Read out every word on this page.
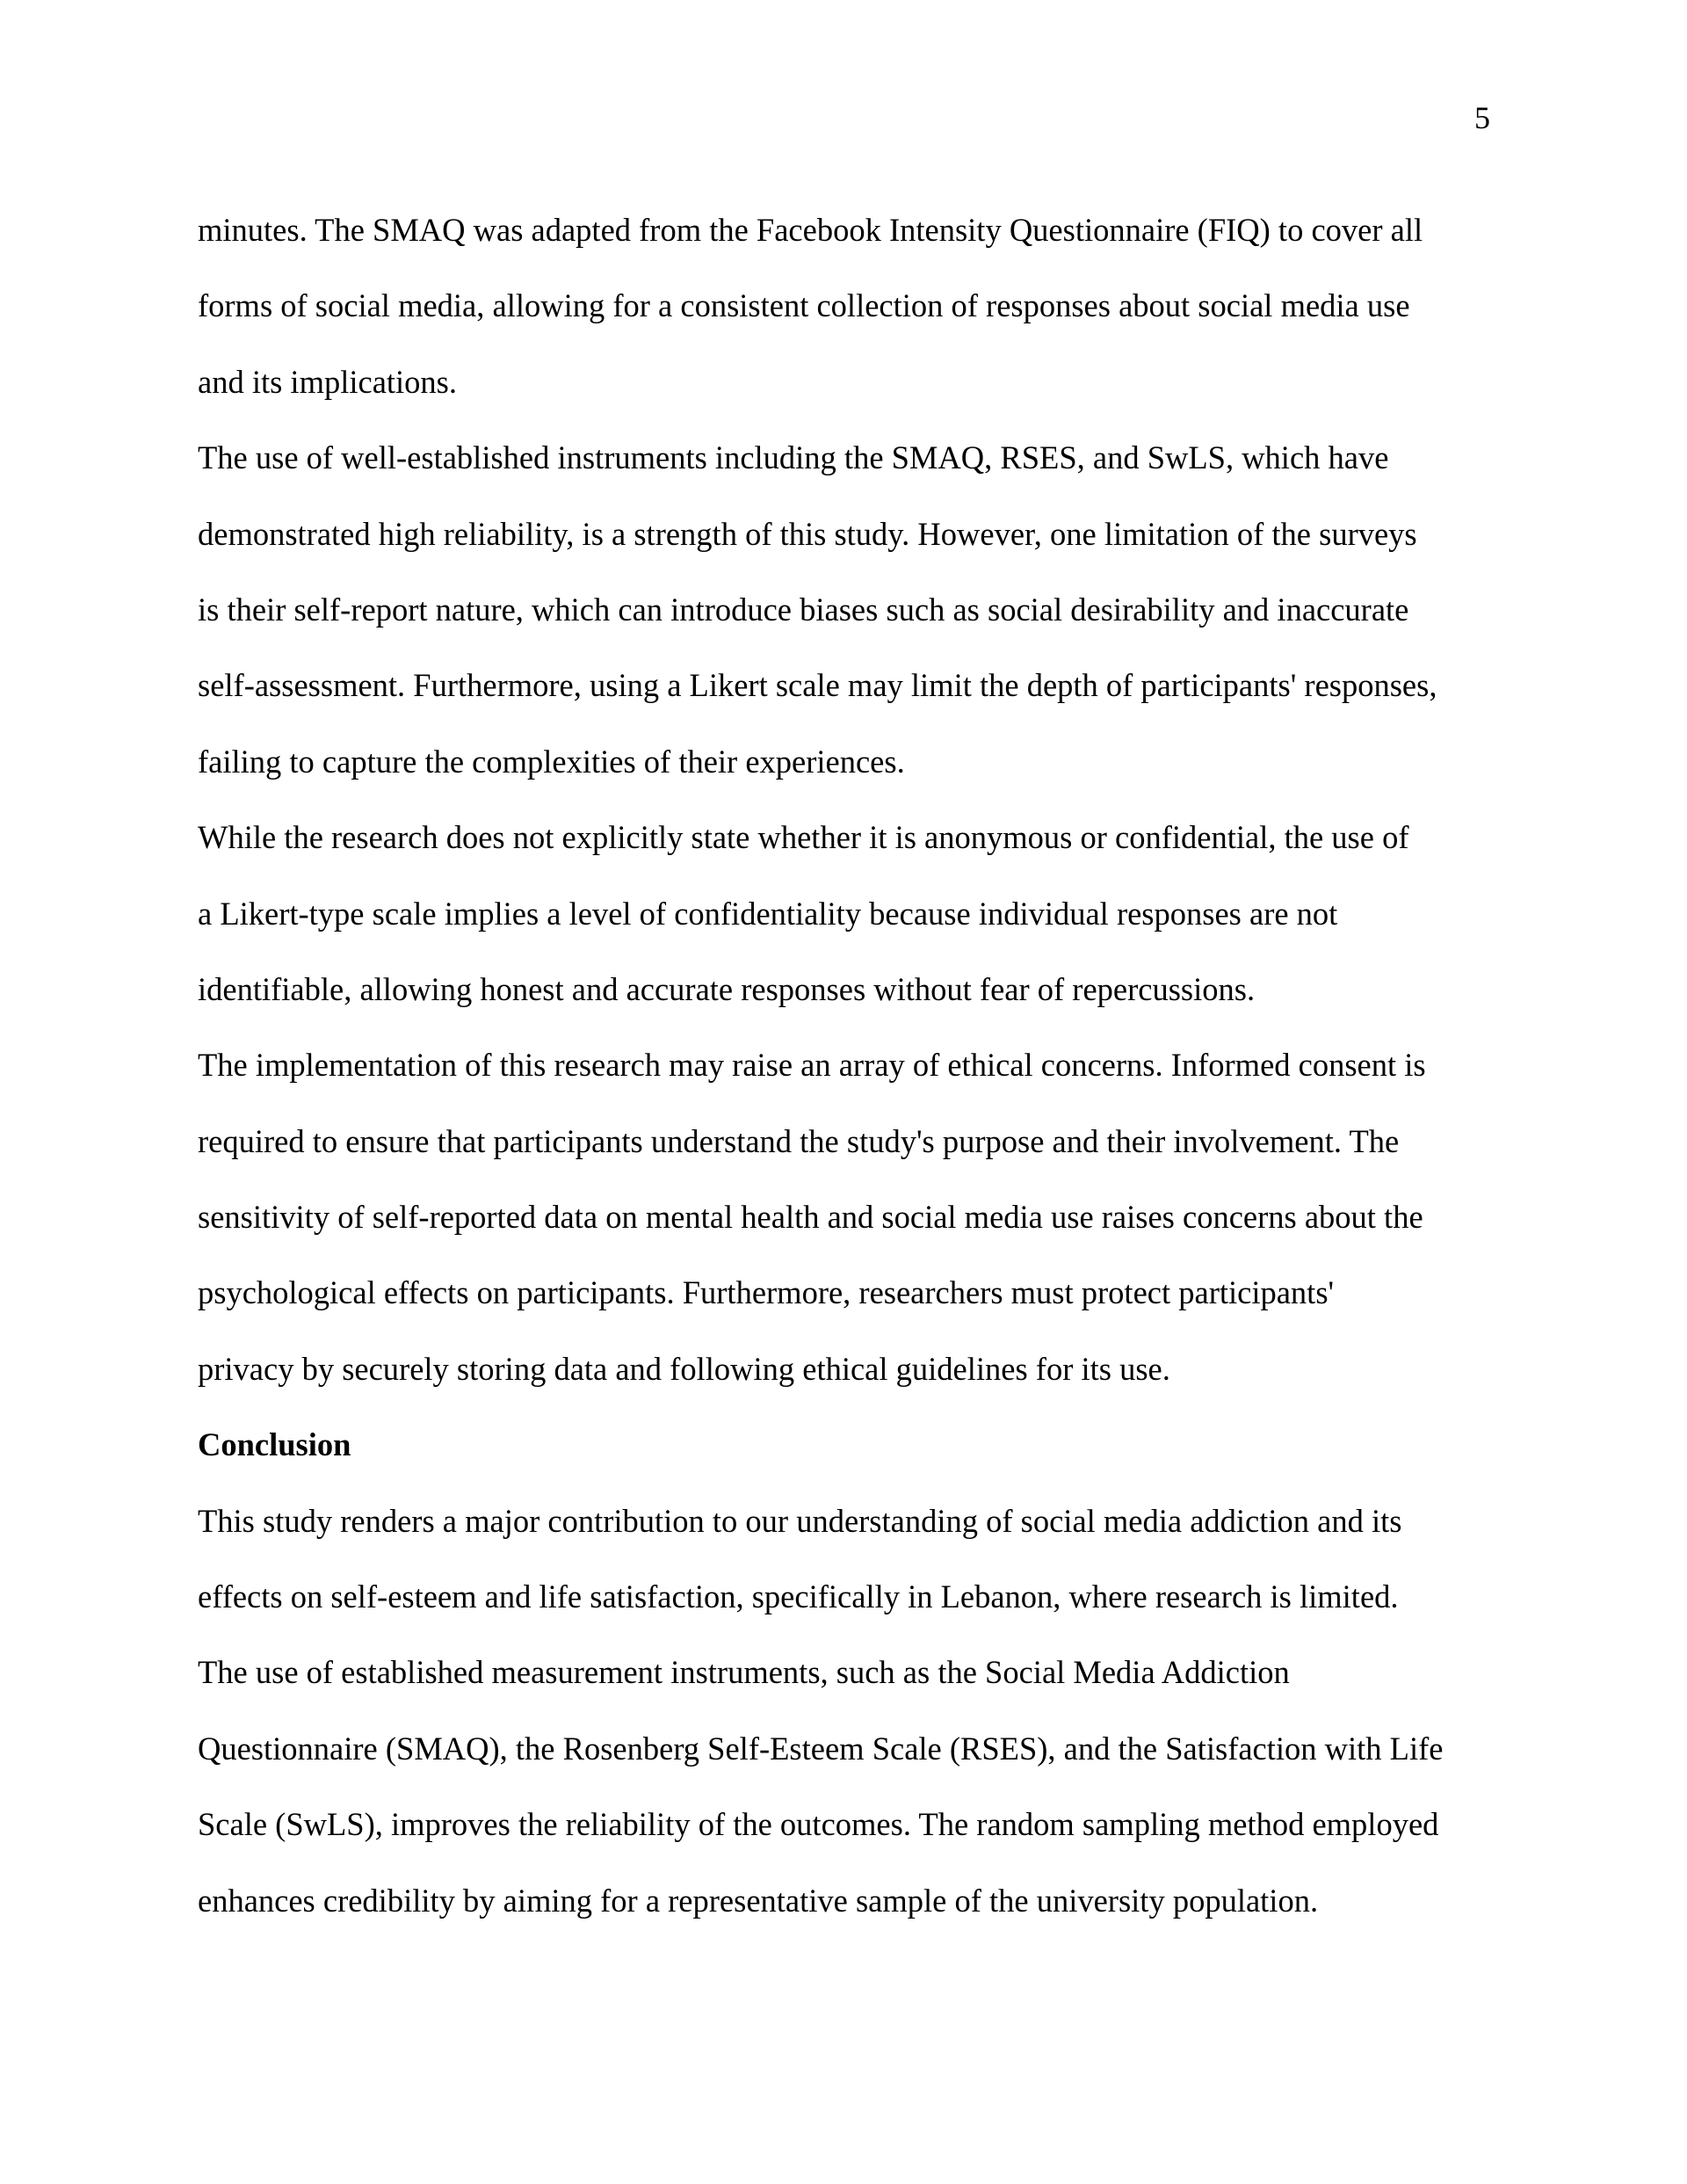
5
minutes. The SMAQ was adapted from the Facebook Intensity Questionnaire (FIQ) to cover all
forms of social media, allowing for a consistent collection of responses about social media use
and its implications.
The use of well-established instruments including the SMAQ, RSES, and SwLS, which have
demonstrated high reliability, is a strength of this study. However, one limitation of the surveys
is their self-report nature, which can introduce biases such as social desirability and inaccurate
self-assessment. Furthermore, using a Likert scale may limit the depth of participants' responses,
failing to capture the complexities of their experiences.
While the research does not explicitly state whether it is anonymous or confidential, the use of
a Likert-type scale implies a level of confidentiality because individual responses are not
identifiable, allowing honest and accurate responses without fear of repercussions.
The implementation of this research may raise an array of ethical concerns. Informed consent is
required to ensure that participants understand the study's purpose and their involvement. The
sensitivity of self-reported data on mental health and social media use raises concerns about the
psychological effects on participants. Furthermore, researchers must protect participants'
privacy by securely storing data and following ethical guidelines for its use.
Conclusion
This study renders a major contribution to our understanding of social media addiction and its
effects on self-esteem and life satisfaction, specifically in Lebanon, where research is limited.
The use of established measurement instruments, such as the Social Media Addiction
Questionnaire (SMAQ), the Rosenberg Self-Esteem Scale (RSES), and the Satisfaction with Life
Scale (SwLS), improves the reliability of the outcomes. The random sampling method employed
enhances credibility by aiming for a representative sample of the university population.
